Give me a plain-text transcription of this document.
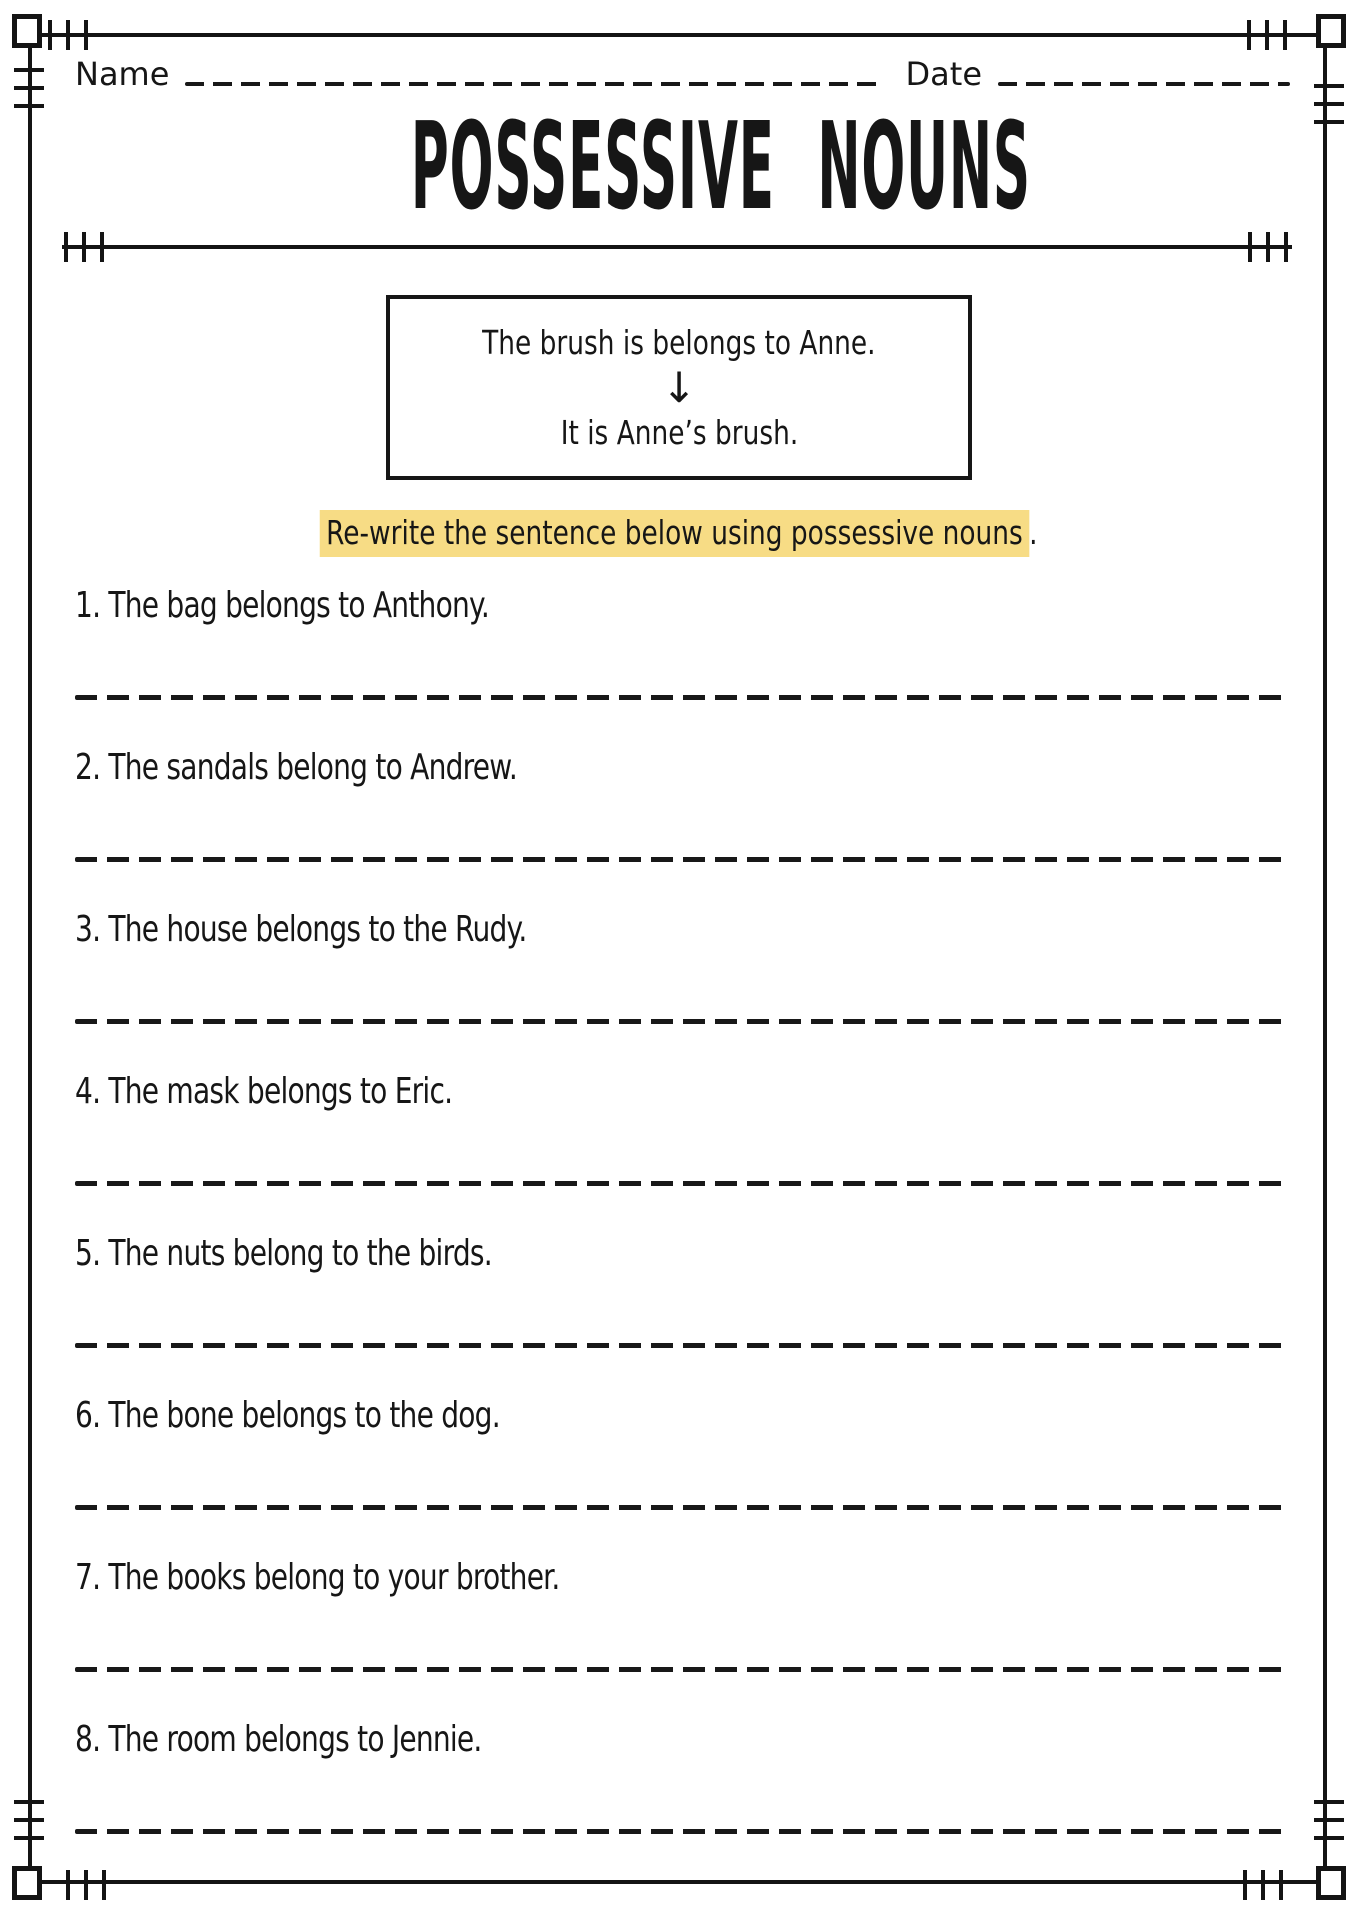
Name	Date
POSSESSIVE NOUNS
The brush is belongs to Anne.
↓
It is Anne’s brush.
Re-write the sentence below using possessive nouns .
1. The bag belongs to Anthony.
2. The sandals belong to Andrew.
3. The house belongs to the Rudy.
4. The mask belongs to Eric.
5. The nuts belong to the birds.
6. The bone belongs to the dog.
7. The books belong to your brother.
8. The room belongs to Jennie.
